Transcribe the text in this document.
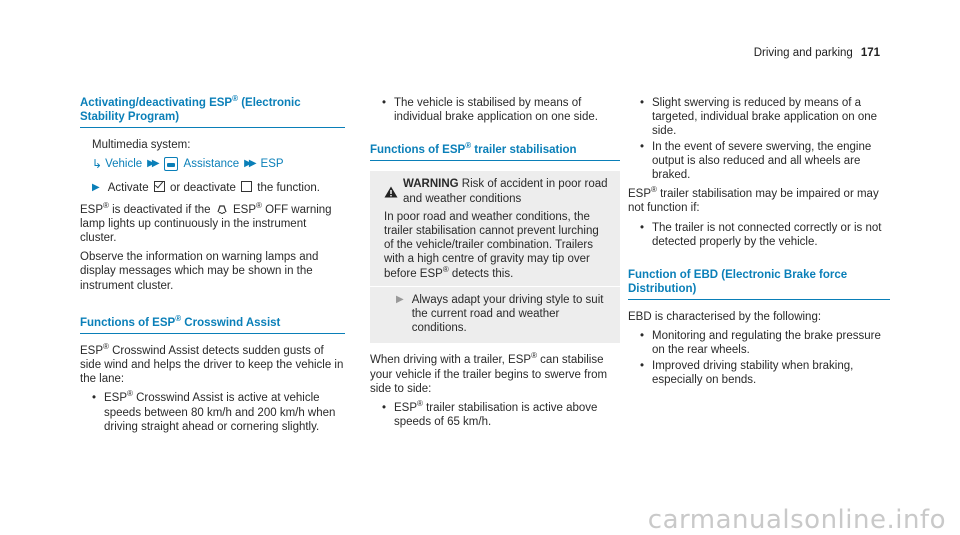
Driving and parking 171
Activating/deactivating ESP® (Electronic Stability Program)

Multimedia system:

↳ Vehicle ▶▶ Assistance ▶▶ ESP
▶ Activate or deactivate the function.

ESP® is deactivated if the ESP® OFF warning lamp lights up continuously in the instrument cluster.

Observe the information on warning lamps and display messages which may be shown in the instrument cluster.

Functions of ESP® Crosswind Assist

ESP® Crosswind Assist detects sudden gusts of side wind and helps the driver to keep the vehicle in the lane:

• ESP® Crosswind Assist is active at vehicle speeds between 80 km/h and 200 km/h when driving straight ahead or cornering slightly.
• The vehicle is stabilised by means of individual brake application on one side.
Functions of ESP® trailer stabilisation
WARNING Risk of accident in poor road and weather conditions

In poor road and weather conditions, the trailer stabilisation cannot prevent lurching of the vehicle/trailer combination. Trailers with a high centre of gravity may tip over before ESP® detects this.

▶ Always adapt your driving style to suit the current road and weather conditions.

When driving with a trailer, ESP® can stabilise your vehicle if the trailer begins to swerve from side to side:

• ESP® trailer stabilisation is active above speeds of 65 km/h.
• Slight swerving is reduced by means of a targeted, individual brake application on one side.
• In the event of severe swerving, the engine output is also reduced and all wheels are braked.

ESP® trailer stabilisation may be impaired or may not function if:

• The trailer is not connected correctly or is not detected properly by the vehicle.
Function of EBD (Electronic Brake force Distribution)

EBD is characterised by the following:

• Monitoring and regulating the brake pressure on the rear wheels.
• Improved driving stability when braking, especially on bends.
carmanualsonline.info
